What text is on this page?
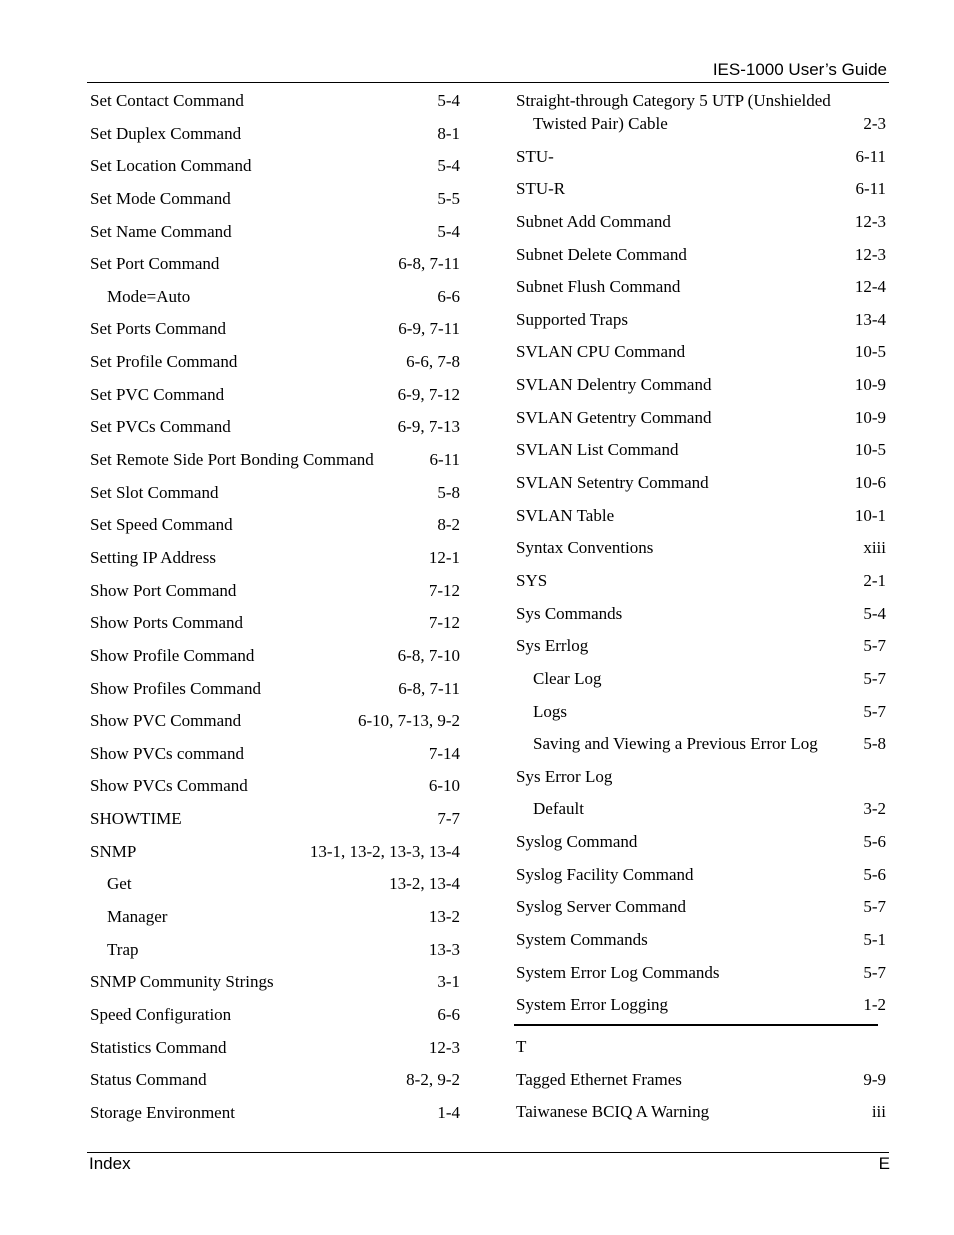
IES-1000 User’s Guide
Set Contact Command	5-4
Set Duplex Command	8-1
Set Location Command	5-4
Set Mode Command	5-5
Set Name Command	5-4
Set Port Command	6-8, 7-11
Mode=Auto	6-6
Set Ports Command	6-9, 7-11
Set Profile Command	6-6, 7-8
Set PVC Command	6-9, 7-12
Set PVCs Command	6-9, 7-13
Set Remote Side Port Bonding Command	6-11
Set Slot Command	5-8
Set Speed Command	8-2
Setting IP Address	12-1
Show Port Command	7-12
Show Ports Command	7-12
Show Profile Command	6-8, 7-10
Show Profiles Command	6-8, 7-11
Show PVC Command	6-10, 7-13, 9-2
Show PVCs command	7-14
Show PVCs Command	6-10
SHOWTIME	7-7
SNMP	13-1, 13-2, 13-3, 13-4
Get	13-2, 13-4
Manager	13-2
Trap	13-3
SNMP Community Strings	3-1
Speed Configuration	6-6
Statistics Command	12-3
Status Command	8-2, 9-2
Storage Environment	1-4
Straight-through Category 5 UTP (Unshielded
Twisted Pair) Cable	2-3
STU-	6-11
STU-R	6-11
Subnet Add Command	12-3
Subnet Delete Command	12-3
Subnet Flush Command	12-4
Supported Traps	13-4
SVLAN CPU Command	10-5
SVLAN Delentry Command	10-9
SVLAN Getentry Command	10-9
SVLAN List Command	10-5
SVLAN Setentry Command	10-6
SVLAN Table	10-1
Syntax Conventions	xiii
SYS	2-1
Sys Commands	5-4
Sys Errlog	5-7
Clear Log	5-7
Logs	5-7
Saving and Viewing a Previous Error Log	5-8
Sys Error Log
Default	3-2
Syslog Command	5-6
Syslog Facility Command	5-6
Syslog Server Command	5-7
System Commands	5-1
System Error Log Commands	5-7
System Error Logging	1-2
T
Tagged Ethernet Frames	9-9
Taiwanese BCIQ A Warning	iii
Index	E
